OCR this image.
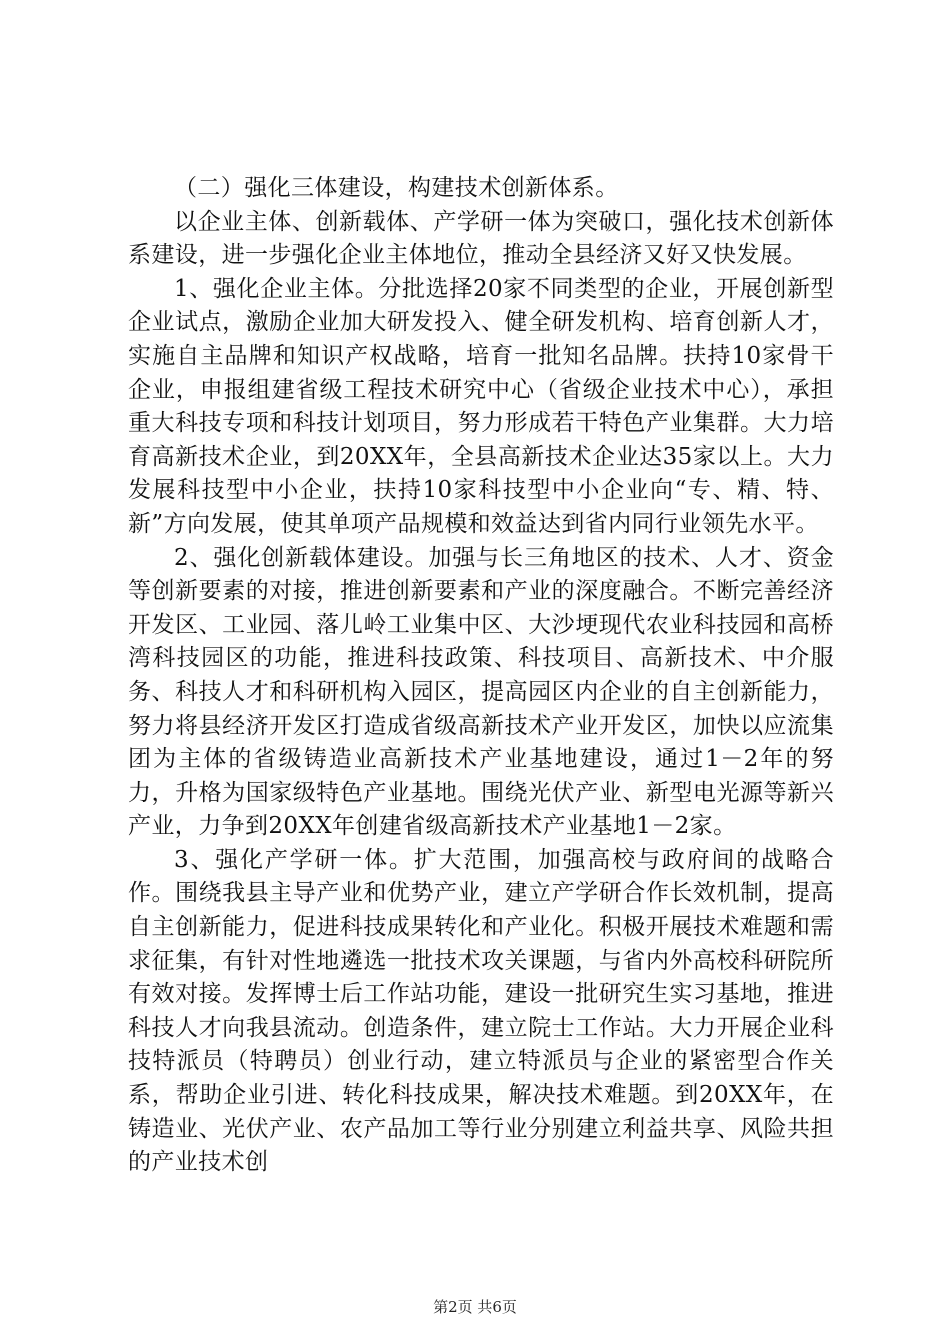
（二）强化三体建设，构建技术创新体系。

以企业主体、创新载体、产学研一体为突破口，强化技术创新体系建设，进一步强化企业主体地位，推动全县经济又好又快发展。

1、强化企业主体。分批选择20家不同类型的企业，开展创新型企业试点，激励企业加大研发投入、健全研发机构、培育创新人才，实施自主品牌和知识产权战略，培育一批知名品牌。扶持10家骨干企业，申报组建省级工程技术研究中心（省级企业技术中心），承担重大科技专项和科技计划项目，努力形成若干特色产业集群。大力培育高新技术企业，到20XX年，全县高新技术企业达35家以上。大力发展科技型中小企业，扶持10家科技型中小企业向“专、精、特、新”方向发展，使其单项产品规模和效益达到省内同行业领先水平。

2、强化创新载体建设。加强与长三角地区的技术、人才、资金等创新要素的对接，推进创新要素和产业的深度融合。不断完善经济开发区、工业园、落儿岭工业集中区、大沙埂现代农业科技园和高桥湾科技园区的功能，推进科技政策、科技项目、高新技术、中介服务、科技人才和科研机构入园区，提高园区内企业的自主创新能力，努力将县经济开发区打造成省级高新技术产业开发区，加快以应流集团为主体的省级铸造业高新技术产业基地建设，通过1－2年的努力，升格为国家级特色产业基地。围绕光伏产业、新型电光源等新兴产业，力争到20XX年创建省级高新技术产业基地1－2家。

3、强化产学研一体。扩大范围，加强高校与政府间的战略合作。围绕我县主导产业和优势产业，建立产学研合作长效机制，提高自主创新能力，促进科技成果转化和产业化。积极开展技术难题和需求征集，有针对性地遴选一批技术攻关课题，与省内外高校科研院所有效对接。发挥博士后工作站功能，建设一批研究生实习基地，推进科技人才向我县流动。创造条件，建立院士工作站。大力开展企业科技特派员（特聘员）创业行动，建立特派员与企业的紧密型合作关系，帮助企业引进、转化科技成果，解决技术难题。到20XX年，在铸造业、光伏产业、农产品加工等行业分别建立利益共享、风险共担的产业技术创

第2页 共6页
